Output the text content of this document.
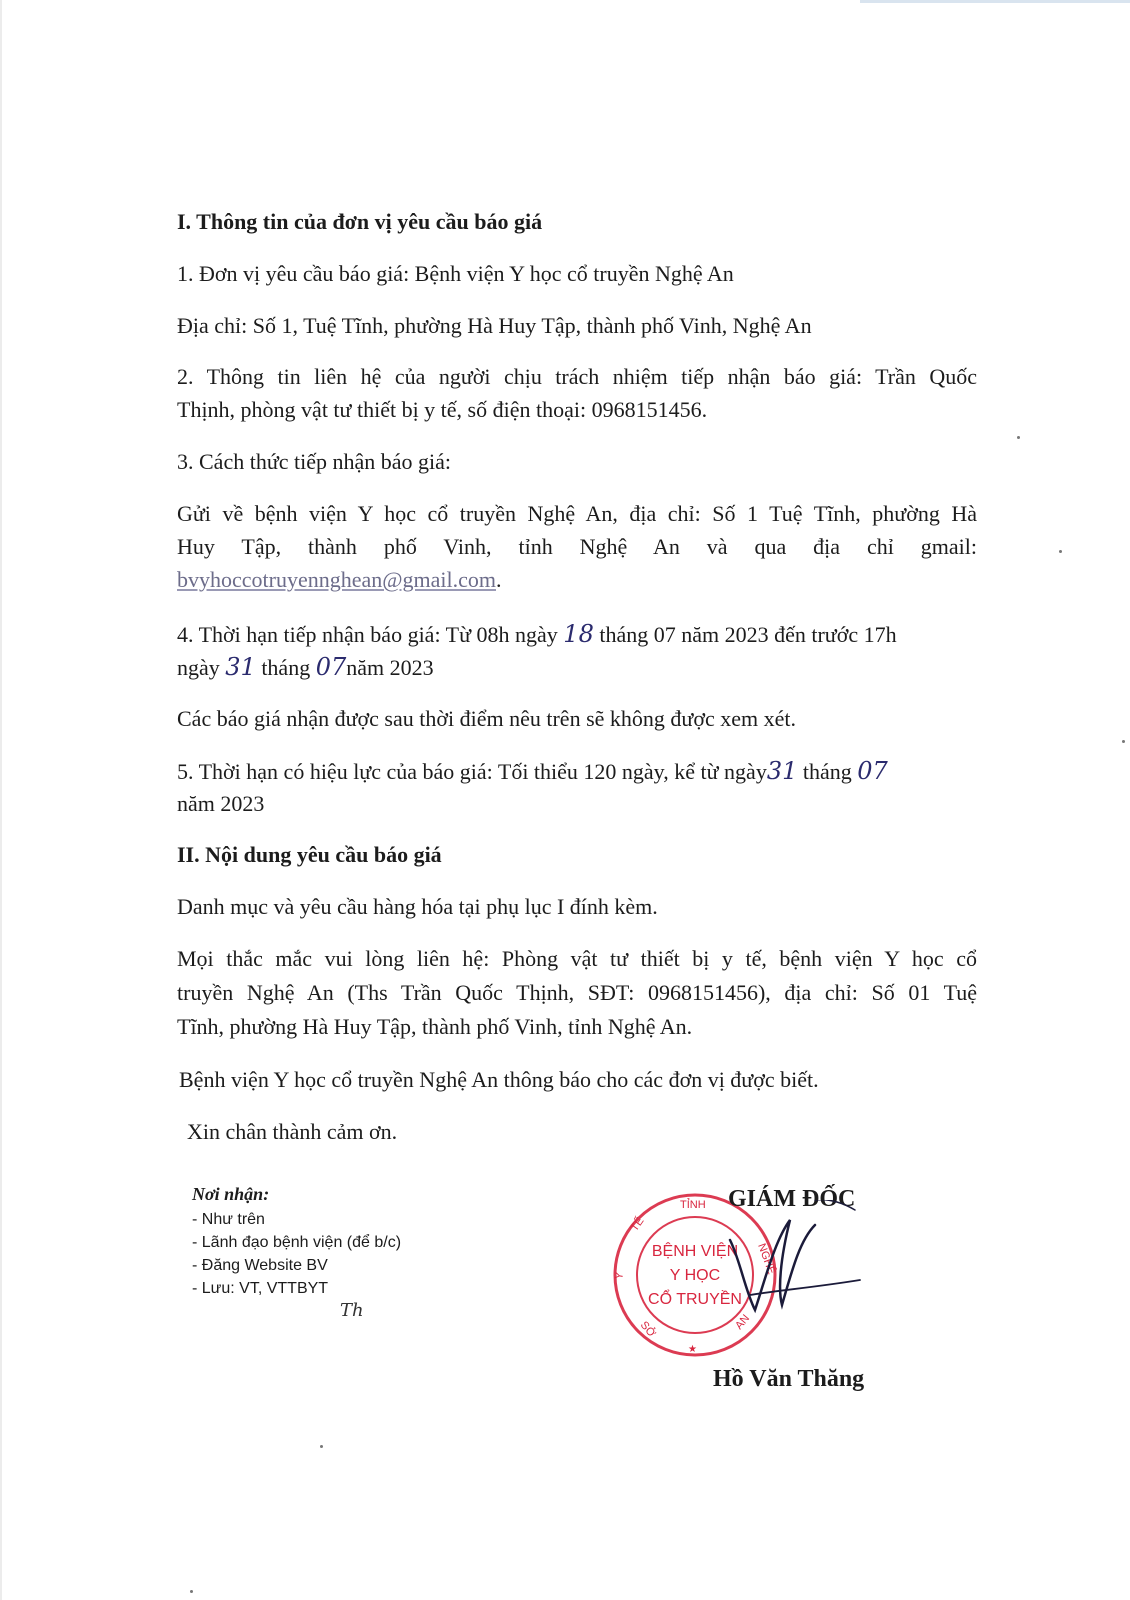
I. Thông tin của đơn vị yêu cầu báo giá
1. Đơn vị yêu cầu báo giá: Bệnh viện Y học cổ truyền Nghệ An
Địa chỉ: Số 1, Tuệ Tĩnh, phường Hà Huy Tập, thành phố Vinh, Nghệ An
2. Thông tin liên hệ của người chịu trách nhiệm tiếp nhận báo giá: Trần Quốc
Thịnh, phòng vật tư thiết bị y tế, số điện thoại: 0968151456.
3. Cách thức tiếp nhận báo giá:
Gửi về bệnh viện Y học cổ truyền Nghệ An, địa chỉ: Số 1 Tuệ Tĩnh, phường Hà
Huy Tập, thành phố Vinh, tỉnh Nghệ An và qua địa chỉ gmail:
bvyhoccotruyennghean@gmail.com.
4. Thời hạn tiếp nhận báo giá: Từ 08h ngày 18 tháng 07 năm 2023 đến trước 17h
ngày 31 tháng 07năm 2023
Các báo giá nhận được sau thời điểm nêu trên sẽ không được xem xét.
5. Thời hạn có hiệu lực của báo giá: Tối thiểu 120 ngày, kể từ ngày31 tháng 07
năm 2023
II. Nội dung yêu cầu báo giá
Danh mục và yêu cầu hàng hóa tại phụ lục I đính kèm.
Mọi thắc mắc vui lòng liên hệ: Phòng vật tư thiết bị y tế, bệnh viện Y học cổ
truyền Nghệ An (Ths Trần Quốc Thịnh, SĐT: 0968151456), địa chỉ: Số 01 Tuệ
Tĩnh, phường Hà Huy Tập, thành phố Vinh, tỉnh Nghệ An.
Bệnh viện Y học cổ truyền Nghệ An thông báo cho các đơn vị được biết.
Xin chân thành cảm ơn.
Nơi nhận:
- Như trên
- Lãnh đạo bệnh viện (để b/c)
- Đăng Website BV
- Lưu: VT, VTTBYT
Th
BỆNH VIỆN
Y HỌC
CỔ TRUYỀN
TỈNH
NGHỆ
AN
SỞ
Y
TẾ
★
GIÁM ĐỐC
Hồ Văn Thăng
